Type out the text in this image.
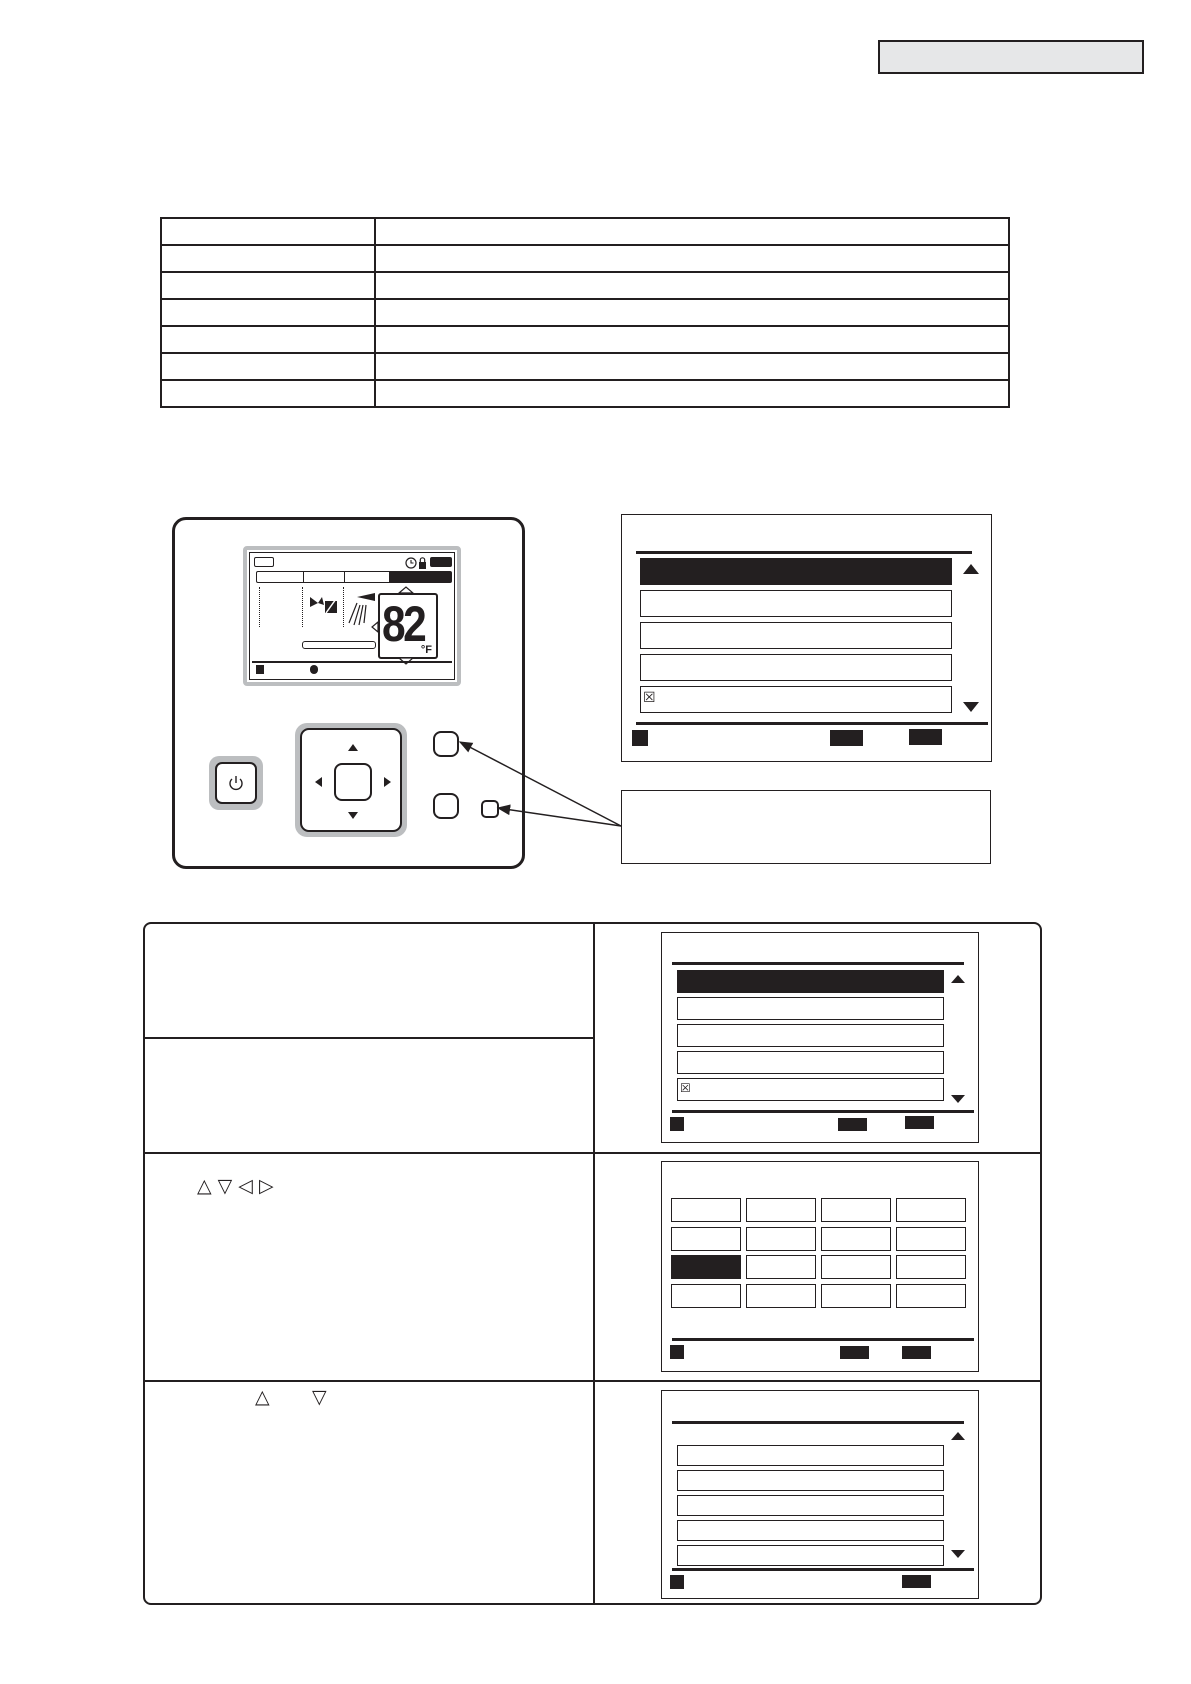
82
°F
☒
△ ▽ ◁ ▷
△ ▽
☒
